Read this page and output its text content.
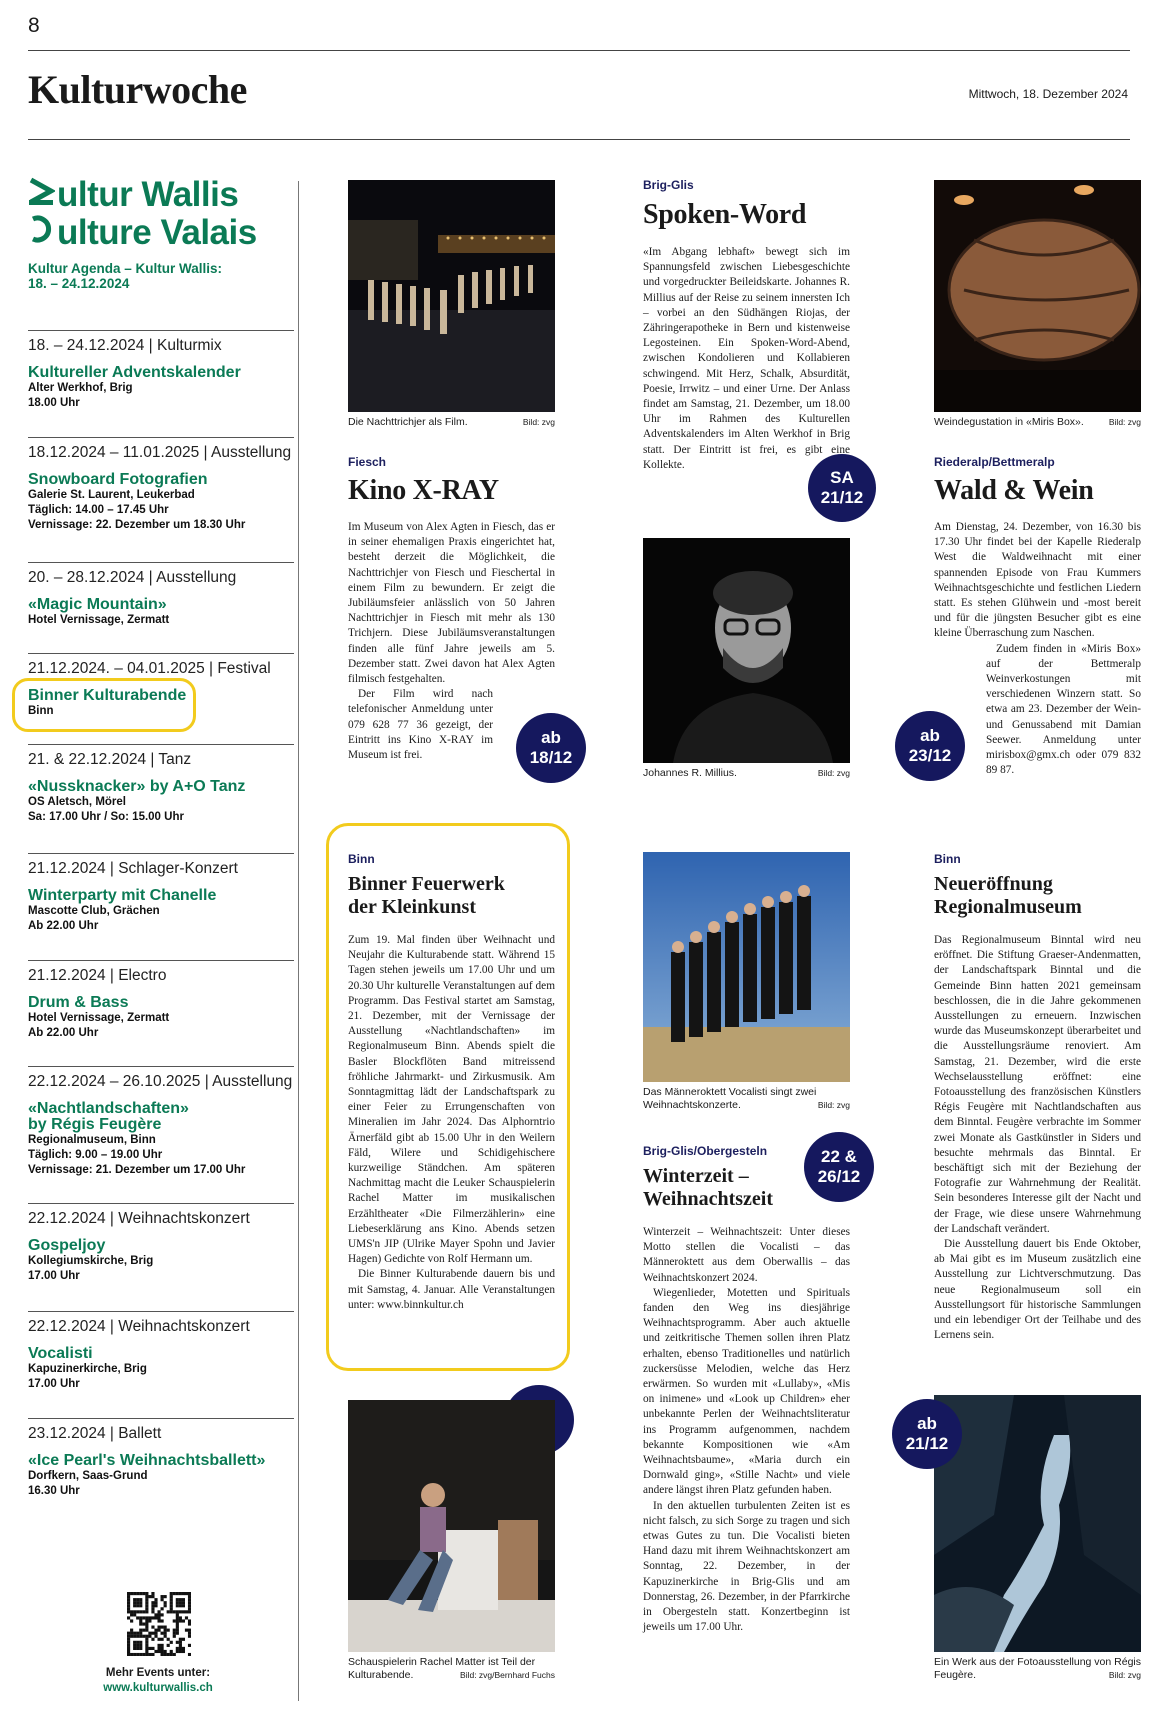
8
Kulturwoche	Mittwoch, 18. Dezember 2024
ultur Wallis
ulture Valais
Kultur Agenda – Kultur Wallis:
18. – 24.12.2024
18. – 24.12.2024 | Kulturmix
Kultureller Adventskalender
Alter Werkhof, Brig
18.00 Uhr
18.12.2024 – 11.01.2025 | Ausstellung
Snowboard Fotografien
Galerie St. Laurent, Leukerbad
Täglich: 14.00 – 17.45 Uhr
Vernissage: 22. Dezember um 18.30 Uhr
20. – 28.12.2024 | Ausstellung
«Magic Mountain»
Hotel Vernissage, Zermatt
21.12.2024. – 04.01.2025 | Festival
Binner Kulturabende
Binn
21. & 22.12.2024 | Tanz
«Nussknacker» by A+O Tanz
OS Aletsch, Mörel
Sa: 17.00 Uhr / So: 15.00 Uhr
21.12.2024 | Schlager-Konzert
Winterparty mit Chanelle
Mascotte Club, Grächen
Ab 22.00 Uhr
21.12.2024 | Electro
Drum & Bass
Hotel Vernissage, Zermatt
Ab 22.00 Uhr
22.12.2024 – 26.10.2025 | Ausstellung
«Nachtlandschaften»
by Régis Feugère
Regionalmuseum, Binn
Täglich: 9.00 – 19.00 Uhr
Vernissage: 21. Dezember um 17.00 Uhr
22.12.2024 | Weihnachtskonzert
Gospeljoy
Kollegiumskirche, Brig
17.00 Uhr
22.12.2024 | Weihnachtskonzert
Vocalisti
Kapuzinerkirche, Brig
17.00 Uhr
23.12.2024 | Ballett
«Ice Pearl's Weihnachtsballett»
Dorfkern, Saas-Grund
16.30 Uhr
Mehr Events unter:
www.kulturwallis.ch
Die Nachttrichjer als Film.	Bild: zvg
Fiesch
Kino X-RAY

Im Museum von Alex Agten in Fiesch, das er in seiner ehemaligen Praxis eingerichtet hat, besteht derzeit die Möglichkeit, die Nachttrichjer von Fiesch und Fieschertal in einem Film zu bewundern. Er zeigt die Jubiläumsfeier anlässlich von 50 Jahren Nachttrichjer in Fiesch mit mehr als 130 Trichjern. Diese Jubiläumsveranstaltungen finden alle fünf Jahre jeweils am 5. Dezember statt. Zwei davon hat Alex Agten filmisch festgehalten.

Der Film wird nach telefonischer Anmeldung unter 079 628 77 36 gezeigt, der Eintritt ins Kino X-RAY im Museum ist frei.

ab
18/12
Brig-Glis
Spoken-Word

«Im Abgang lebhaft» bewegt sich im Spannungsfeld zwischen Liebesgeschichte und vorgedruckter Beileidskarte. Johannes R. Millius auf der Reise zu seinem innersten Ich – vorbei an den Südhängen Riojas, der Zähringerapotheke in Bern und kistenweise Legosteinen. Ein Spoken-Word-Abend, zwischen Kondolieren und Kollabieren schwingend. Mit Herz, Schalk, Absurdität, Poesie, Irrwitz – und einer Urne. Der Anlass findet am Samstag, 21. Dezember, um 18.00 Uhr im Rahmen des Kulturellen Adventskalenders im Alten Werkhof in Brig statt. Der Eintritt ist frei, es gibt eine Kollekte.

SA
21/12
Johannes R. Millius.	Bild: zvg
Weindegustation in «Miris Box».	Bild: zvg
Riederalp/Bettmeralp
Wald & Wein

Am Dienstag, 24. Dezember, von 16.30 bis 17.30 Uhr findet bei der Kapelle Riederalp West die Waldweihnacht mit einer spannenden Episode von Frau Kummers Weihnachtsgeschichte und festlichen Liedern statt. Es stehen Glühwein und -most bereit und für die jüngsten Besucher gibt es eine kleine Überraschung zum Naschen.

Zudem finden in «Miris Box» auf der Bettmeralp Weinverkostungen mit verschiedenen Winzern statt. So etwa am 23. Dezember der Wein- und Genussabend mit Damian Seewer. Anmeldung unter mirisbox@gmx.ch oder 079 832 89 87.

ab
23/12
Binn
Binner Feuerwerk
der Kleinkunst

Zum 19. Mal finden über Weihnacht und Neujahr die Kulturabende statt. Während 15 Tagen stehen jeweils um 17.00 Uhr und um 20.30 Uhr kulturelle Veranstaltungen auf dem Programm. Das Festival startet am Samstag, 21. Dezember, mit der Vernissage der Ausstellung «Nachtlandschaften» im Regionalmuseum Binn. Abends spielt die Basler Blockflöten Band mitreissend fröhliche Jahrmarkt- und Zirkusmusik. Am Sonntagmittag lädt der Landschaftspark zu einer Feier zu Errungenschaften von Mineralien im Jahr 2024. Das Alphorntrio Ärnerfäld gibt ab 15.00 Uhr in den Weilern Fäld, Wilere und Schidigehischere kurzweilige Ständchen. Am späteren Nachmittag macht die Leuker Schauspielerin Rachel Matter im musikalischen Erzähltheater «Die Filmerzählerin» eine Liebeserklärung ans Kino. Abends setzen UMS'n JIP (Ulrike Mayer Spohn und Javier Hagen) Gedichte von Rolf Hermann um.

Die Binner Kulturabende dauern bis und mit Samstag, 4. Januar. Alle Veranstaltungen unter: www.binnkultur.ch

Schauspielerin Rachel Matter ist Teil der Kulturabende.	Bild: zvg/Bernhard Fuchs
Das Männeroktett Vocalisti singt zwei Weihnachtskonzerte.	Bild: zvg
Brig-Glis/Obergesteln
Winterzeit –
Weihnachtszeit
22 &
26/12

Winterzeit – Weihnachtszeit: Unter dieses Motto stellen die Vocalisti – das Männeroktett aus dem Oberwallis – das Weihnachtskonzert 2024.

Wiegenlieder, Motetten und Spirituals fanden den Weg ins diesjährige Weihnachtsprogramm. Aber auch aktuelle und zeitkritische Themen sollen ihren Platz erhalten, ebenso Traditionelles und natürlich zuckersüsse Melodien, welche das Herz erwärmen. So wurden mit «Lullaby», «Mis on inimene» und «Look up Children» eher unbekannte Perlen der Weihnachtsliteratur ins Programm aufgenommen, nachdem bekannte Kompositionen wie «Am Weihnachtsbaume», «Maria durch ein Dornwald ging», «Stille Nacht» und viele andere längst ihren Platz gefunden haben.

In den aktuellen turbulenten Zeiten ist es nicht falsch, zu sich Sorge zu tragen und sich etwas Gutes zu tun. Die Vocalisti bieten Hand dazu mit ihrem Weihnachtskonzert am Sonntag, 22. Dezember, in der Kapuzinerkirche in Brig-Glis und am Donnerstag, 26. Dezember, in der Pfarrkirche in Obergesteln statt. Konzertbeginn ist jeweils um 17.00 Uhr.

Binn
Neueröffnung
Regionalmuseum

Das Regionalmuseum Binntal wird neu eröffnet. Die Stiftung Graeser-Andenmatten, der Landschaftspark Binntal und die Gemeinde Binn hatten 2021 gemeinsam beschlossen, die in die Jahre gekommenen Ausstellungen zu erneuern. Inzwischen wurde das Museumskonzept überarbeitet und die Ausstellungsräume renoviert. Am Samstag, 21. Dezember, wird die erste Wechselausstellung eröffnet: eine Fotoausstellung des französischen Künstlers Régis Feugère mit Nachtlandschaften aus dem Binntal. Feugère verbrachte im Sommer zwei Monate als Gastkünstler in Siders und besuchte mehrmals das Binntal. Er beschäftigt sich mit der Beziehung der Fotografie zur Wahrnehmung der Realität. Sein besonderes Interesse gilt der Nacht und der Frage, wie diese unsere Wahrnehmung der Landschaft verändert.

Die Ausstellung dauert bis Ende Oktober, ab Mai gibt es im Museum zusätzlich eine Ausstellung zur Lichtverschmutzung. Das neue Regionalmuseum soll ein Ausstellungsort für historische Sammlungen und ein lebendiger Ort der Teilhabe und des Lernens sein.

ab
21/12
Ein Werk aus der Fotoausstellung von Régis Feugère.	Bild: zvg
